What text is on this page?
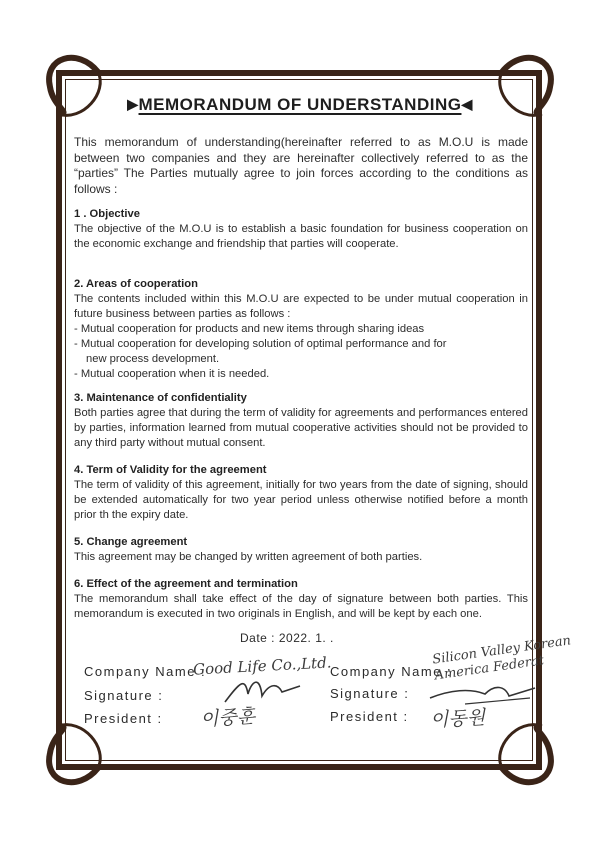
▶MEMORANDUM OF UNDERSTANDING◀

This memorandum of understanding(hereinafter referred to as M.O.U is made between two companies and they are hereinafter collectively referred to as the “parties” The Parties mutually agree to join forces according to the conditions as follows :

1 . Objective

The objective of the M.O.U is to establish a basic foundation for business cooperation on the economic exchange and friendship that parties will cooperate.

2. Areas of cooperation

The contents included within this M.O.U are expected to be under mutual cooperation in future business between parties as follows :

- Mutual cooperation for products and new items through sharing ideas

- Mutual cooperation for developing solution of optimal performance and for

new process development.

- Mutual cooperation when it is needed.

3. Maintenance of confidentiality

Both parties agree that during the term of validity for agreements and performances entered by parties, information learned from mutual cooperative activities should not be provided to any third party without mutual consent.

4. Term of Validity for the agreement

The term of validity of this agreement, initially for two years from the date of signing, should be extended automatically for two year period unless otherwise notified before a month prior th the expiry date.

5. Change agreement

This agreement may be changed by written agreement of both parties.

6. Effect of the agreement and termination

The memorandum shall take effect of the day of signature between both parties. This memorandum is executed in two originals in English, and will be kept by each one.

Date : 2022. 1. .
Company Name :
Good Life Co.,Ltd.
Signature :
President : 이중훈
Company Name :
Silicon Valley Korean America Federat
Signature :
President : 이동원
